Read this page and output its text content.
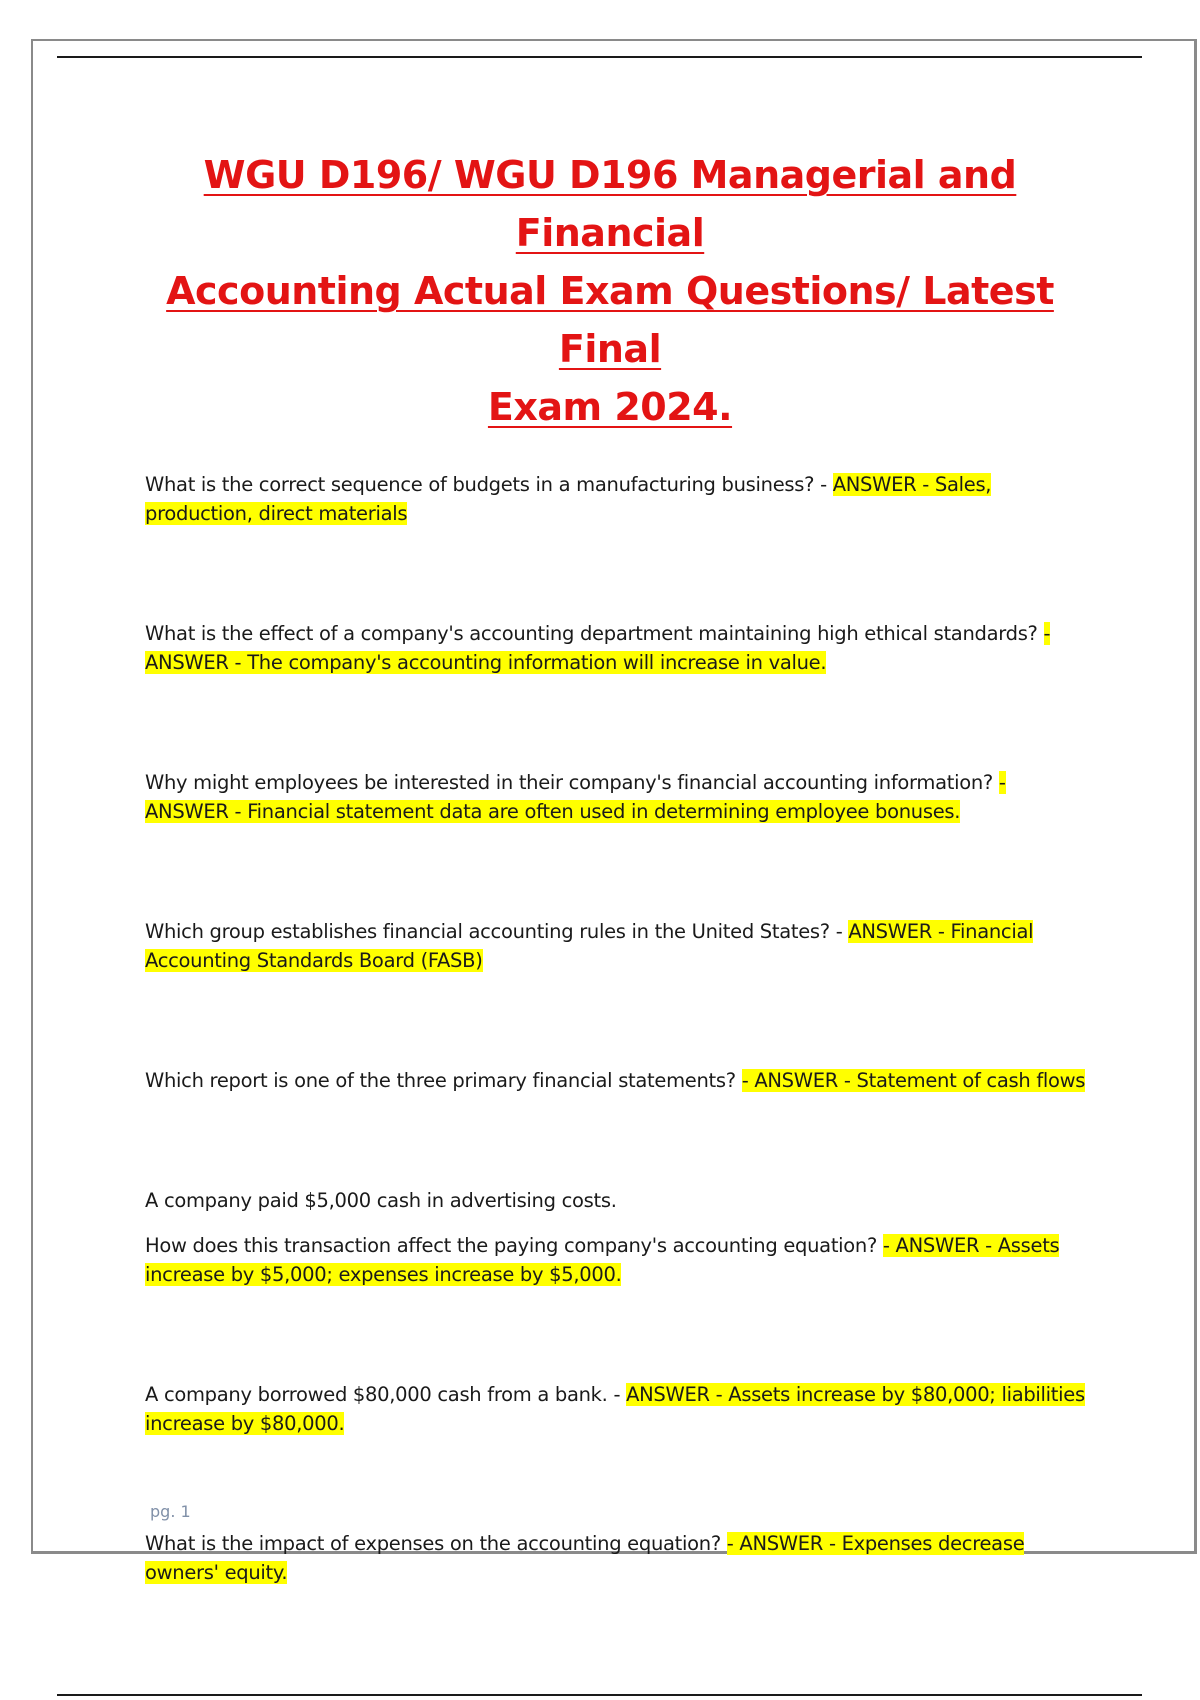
WGU D196/ WGU D196 Managerial and Financial
Accounting Actual Exam Questions/ Latest Final
Exam 2024.

What is the correct sequence of budgets in a manufacturing business? - ANSWER - Sales, production, direct materials

What is the effect of a company's accounting department maintaining high ethical standards? - ANSWER - The company's accounting information will increase in value.

Why might employees be interested in their company's financial accounting information? - ANSWER - Financial statement data are often used in determining employee bonuses.

Which group establishes financial accounting rules in the United States? - ANSWER - Financial Accounting Standards Board (FASB)

Which report is one of the three primary financial statements? - ANSWER - Statement of cash flows

A company paid $5,000 cash in advertising costs.

How does this transaction affect the paying company's accounting equation? - ANSWER - Assets increase by $5,000; expenses increase by $5,000.

A company borrowed $80,000 cash from a bank. - ANSWER - Assets increase by $80,000; liabilities increase by $80,000.

What is the impact of expenses on the accounting equation? - ANSWER - Expenses decrease owners' equity.

pg. 1
